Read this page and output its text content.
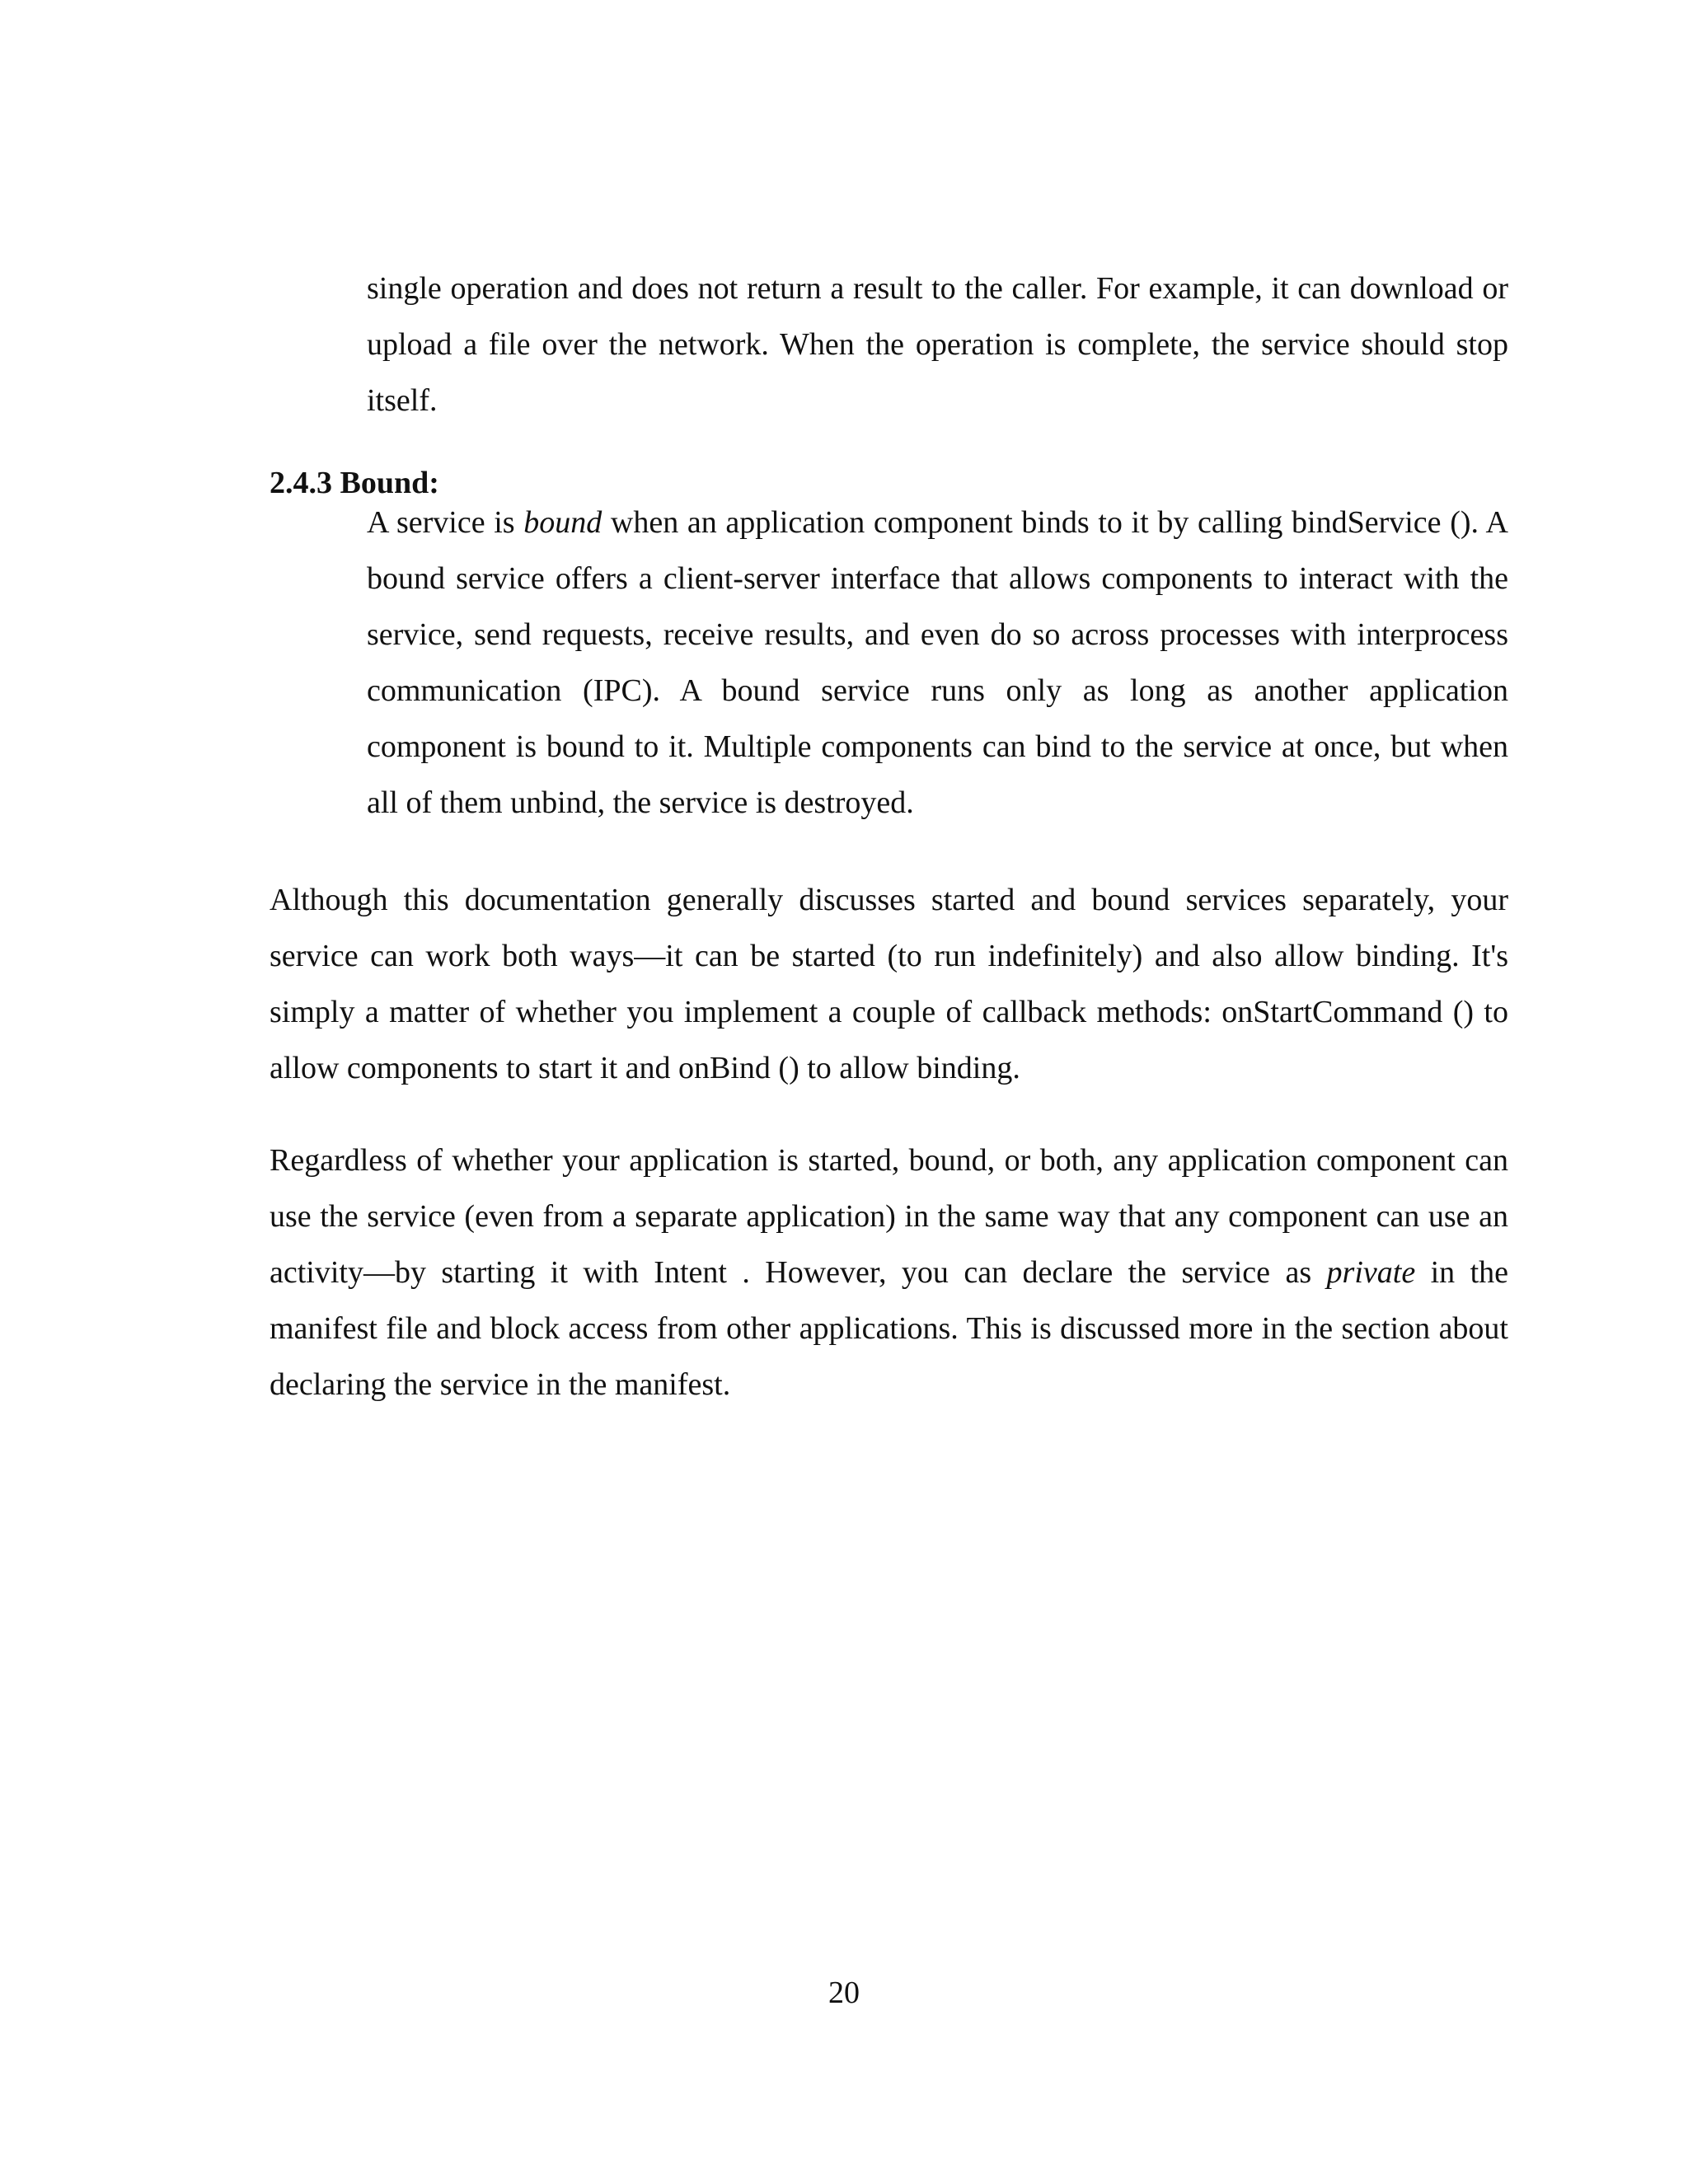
single operation and does not return a result to the caller. For example, it can download or upload a file over the network. When the operation is complete, the service should stop itself.

2.4.3 Bound:

A service is bound when an application component binds to it by calling bindService (). A bound service offers a client-server interface that allows components to interact with the service, send requests, receive results, and even do so across processes with interprocess communication (IPC). A bound service runs only as long as another application component is bound to it. Multiple components can bind to the service at once, but when all of them unbind, the service is destroyed.

Although this documentation generally discusses started and bound services separately, your service can work both ways—it can be started (to run indefinitely) and also allow binding. It's simply a matter of whether you implement a couple of callback methods: onStartCommand () to allow components to start it and onBind () to allow binding.

Regardless of whether your application is started, bound, or both, any application component can use the service (even from a separate application) in the same way that any component can use an activity—by starting it with Intent . However, you can declare the service as private in the manifest file and block access from other applications. This is discussed more in the section about declaring the service in the manifest.

20
